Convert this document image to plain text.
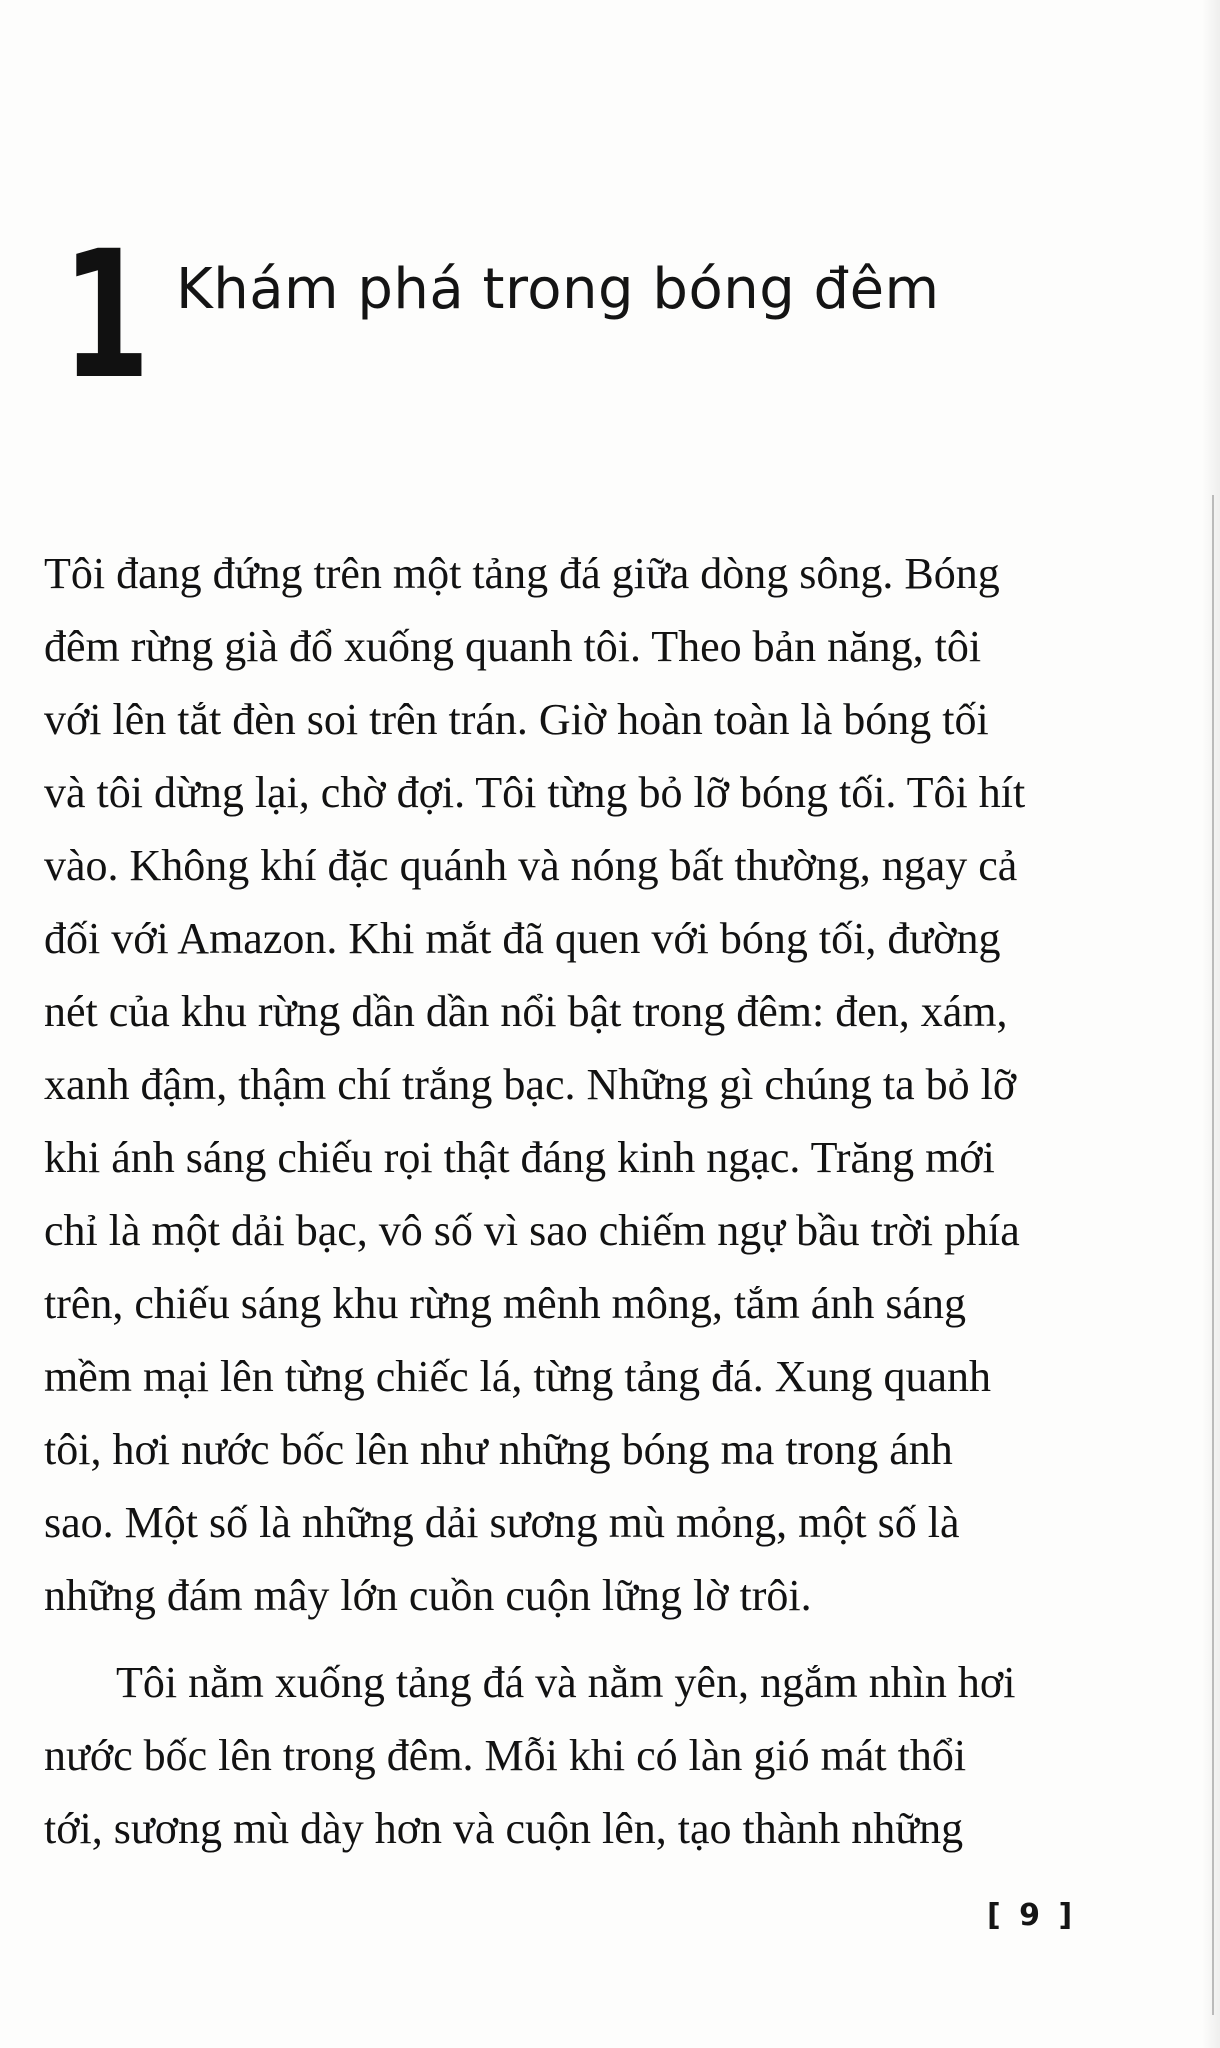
1 Khám phá trong bóng đêm
Tôi đang đứng trên một tảng đá giữa dòng sông. Bóng
đêm rừng già đổ xuống quanh tôi. Theo bản năng, tôi
với lên tắt đèn soi trên trán. Giờ hoàn toàn là bóng tối
và tôi dừng lại, chờ đợi. Tôi từng bỏ lỡ bóng tối. Tôi hít
vào. Không khí đặc quánh và nóng bất thường, ngay cả
đối với Amazon. Khi mắt đã quen với bóng tối, đường
nét của khu rừng dần dần nổi bật trong đêm: đen, xám,
xanh đậm, thậm chí trắng bạc. Những gì chúng ta bỏ lỡ
khi ánh sáng chiếu rọi thật đáng kinh ngạc. Trăng mới
chỉ là một dải bạc, vô số vì sao chiếm ngự bầu trời phía
trên, chiếu sáng khu rừng mênh mông, tắm ánh sáng
mềm mại lên từng chiếc lá, từng tảng đá. Xung quanh
tôi, hơi nước bốc lên như những bóng ma trong ánh
sao. Một số là những dải sương mù mỏng, một số là
những đám mây lớn cuồn cuộn lững lờ trôi.
Tôi nằm xuống tảng đá và nằm yên, ngắm nhìn hơi
nước bốc lên trong đêm. Mỗi khi có làn gió mát thổi
tới, sương mù dày hơn và cuộn lên, tạo thành những
[ 9 ]
